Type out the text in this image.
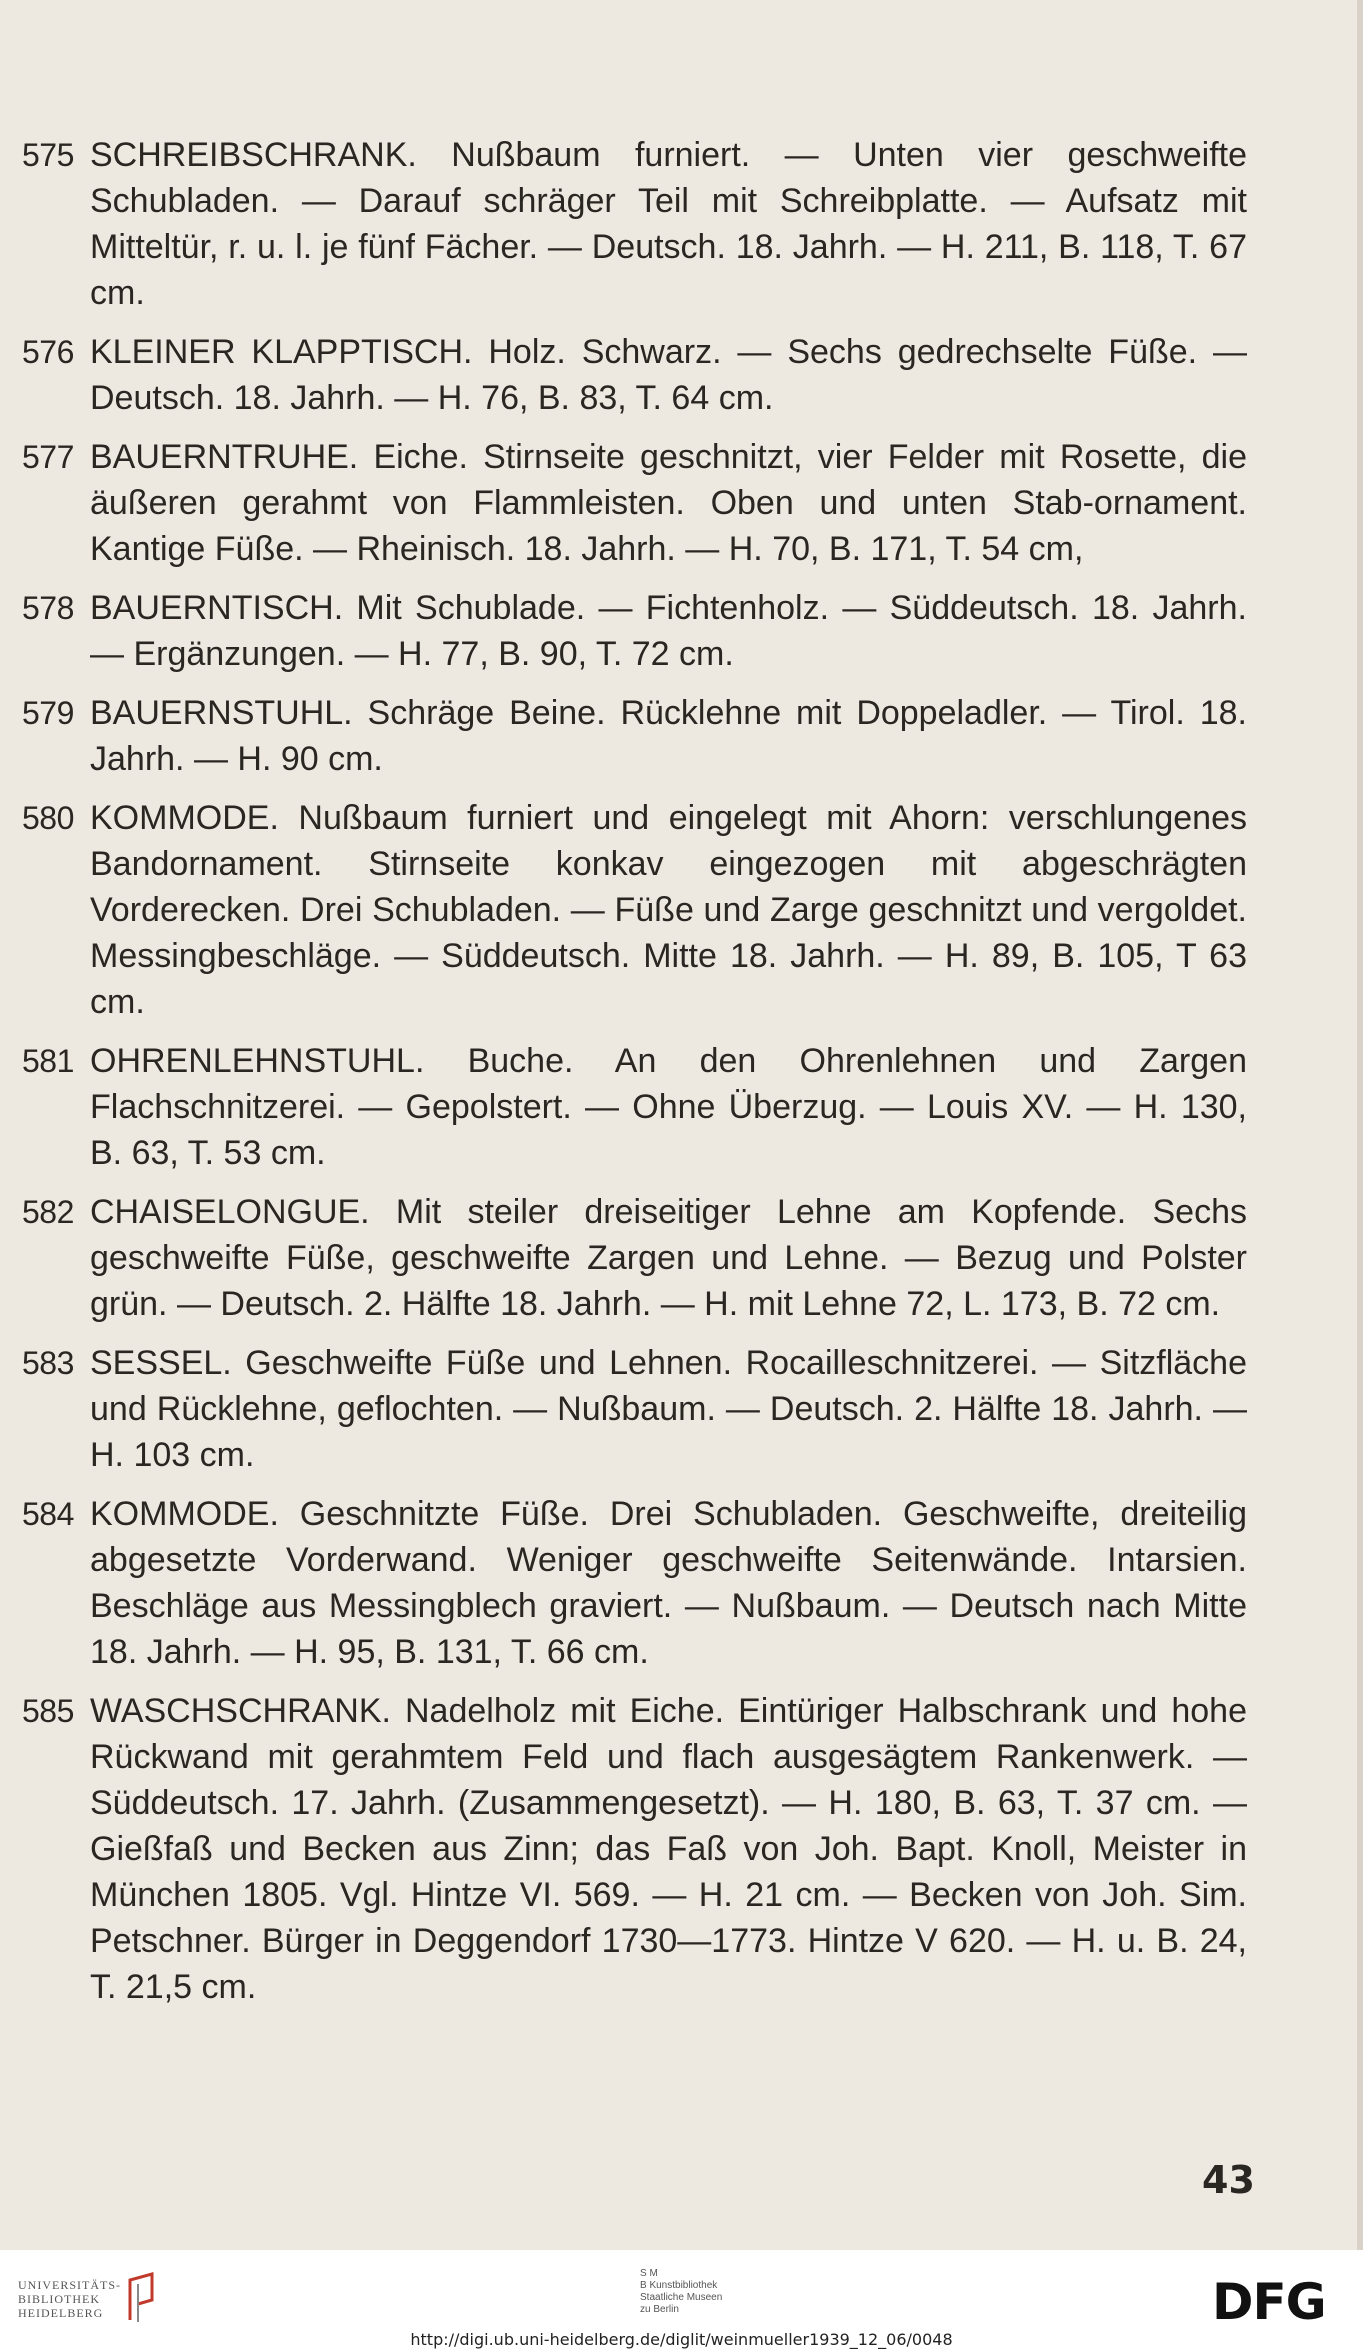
575 SCHREIBSCHRANK. Nußbaum furniert. — Unten vier geschweifte Schubladen. — Darauf schräger Teil mit Schreibplatte. — Aufsatz mit Mitteltür, r. u. l. je fünf Fächer. — Deutsch. 18. Jahrh. — H. 211, B. 118, T. 67 cm.
576 KLEINER KLAPPTISCH. Holz. Schwarz. — Sechs gedrechselte Füße. — Deutsch. 18. Jahrh. — H. 76, B. 83, T. 64 cm.
577 BAUERNTRUHE. Eiche. Stirnseite geschnitzt, vier Felder mit Rosette, die äußeren gerahmt von Flammleisten. Oben und unten Stab-ornament. Kantige Füße. — Rheinisch. 18. Jahrh. — H. 70, B. 171, T. 54 cm,
578 BAUERNTISCH. Mit Schublade. — Fichtenholz. — Süddeutsch. 18. Jahrh. — Ergänzungen. — H. 77, B. 90, T. 72 cm.
579 BAUERNSTUHL. Schräge Beine. Rücklehne mit Doppeladler. — Tirol. 18. Jahrh. — H. 90 cm.
580 KOMMODE. Nußbaum furniert und eingelegt mit Ahorn: verschlungenes Bandornament. Stirnseite konkav eingezogen mit abgeschrägten Vorderecken. Drei Schubladen. — Füße und Zarge geschnitzt und vergoldet. Messingbeschläge. — Süddeutsch. Mitte 18. Jahrh. — H. 89, B. 105, T 63 cm.
581 OHRENLEHNSTUHL. Buche. An den Ohrenlehnen und Zargen Flachschnitzerei. — Gepolstert. — Ohne Überzug. — Louis XV. — H. 130, B. 63, T. 53 cm.
582 CHAISELONGUE. Mit steiler dreiseitiger Lehne am Kopfende. Sechs geschweifte Füße, geschweifte Zargen und Lehne. — Bezug und Polster grün. — Deutsch. 2. Hälfte 18. Jahrh. — H. mit Lehne 72, L. 173, B. 72 cm.
583 SESSEL. Geschweifte Füße und Lehnen. Rocailleschnitzerei. — Sitzfläche und Rücklehne, geflochten. — Nußbaum. — Deutsch. 2. Hälfte 18. Jahrh. — H. 103 cm.
584 KOMMODE. Geschnitzte Füße. Drei Schubladen. Geschweifte, dreiteilig abgesetzte Vorderwand. Weniger geschweifte Seitenwände. Intarsien. Beschläge aus Messingblech graviert. — Nußbaum. — Deutsch nach Mitte 18. Jahrh. — H. 95, B. 131, T. 66 cm.
585 WASCHSCHRANK. Nadelholz mit Eiche. Eintüriger Halbschrank und hohe Rückwand mit gerahmtem Feld und flach ausgesägtem Rankenwerk. — Süddeutsch. 17. Jahrh. (Zusammengesetzt). — H. 180, B. 63, T. 37 cm. — Gießfaß und Becken aus Zinn; das Faß von Joh. Bapt. Knoll, Meister in München 1805. Vgl. Hintze VI. 569. — H. 21 cm. — Becken von Joh. Sim. Petschner. Bürger in Deggendorf 1730—1773. Hintze V 620. — H. u. B. 24, T. 21,5 cm.
43
UNIVERSITÄTS-
BIBLIOTHEK
HEIDELBERG
S M
B Kunstbibliothek
Staatliche Museen
zu Berlin	DFG
http://digi.ub.uni-heidelberg.de/diglit/weinmueller1939_12_06/0048
